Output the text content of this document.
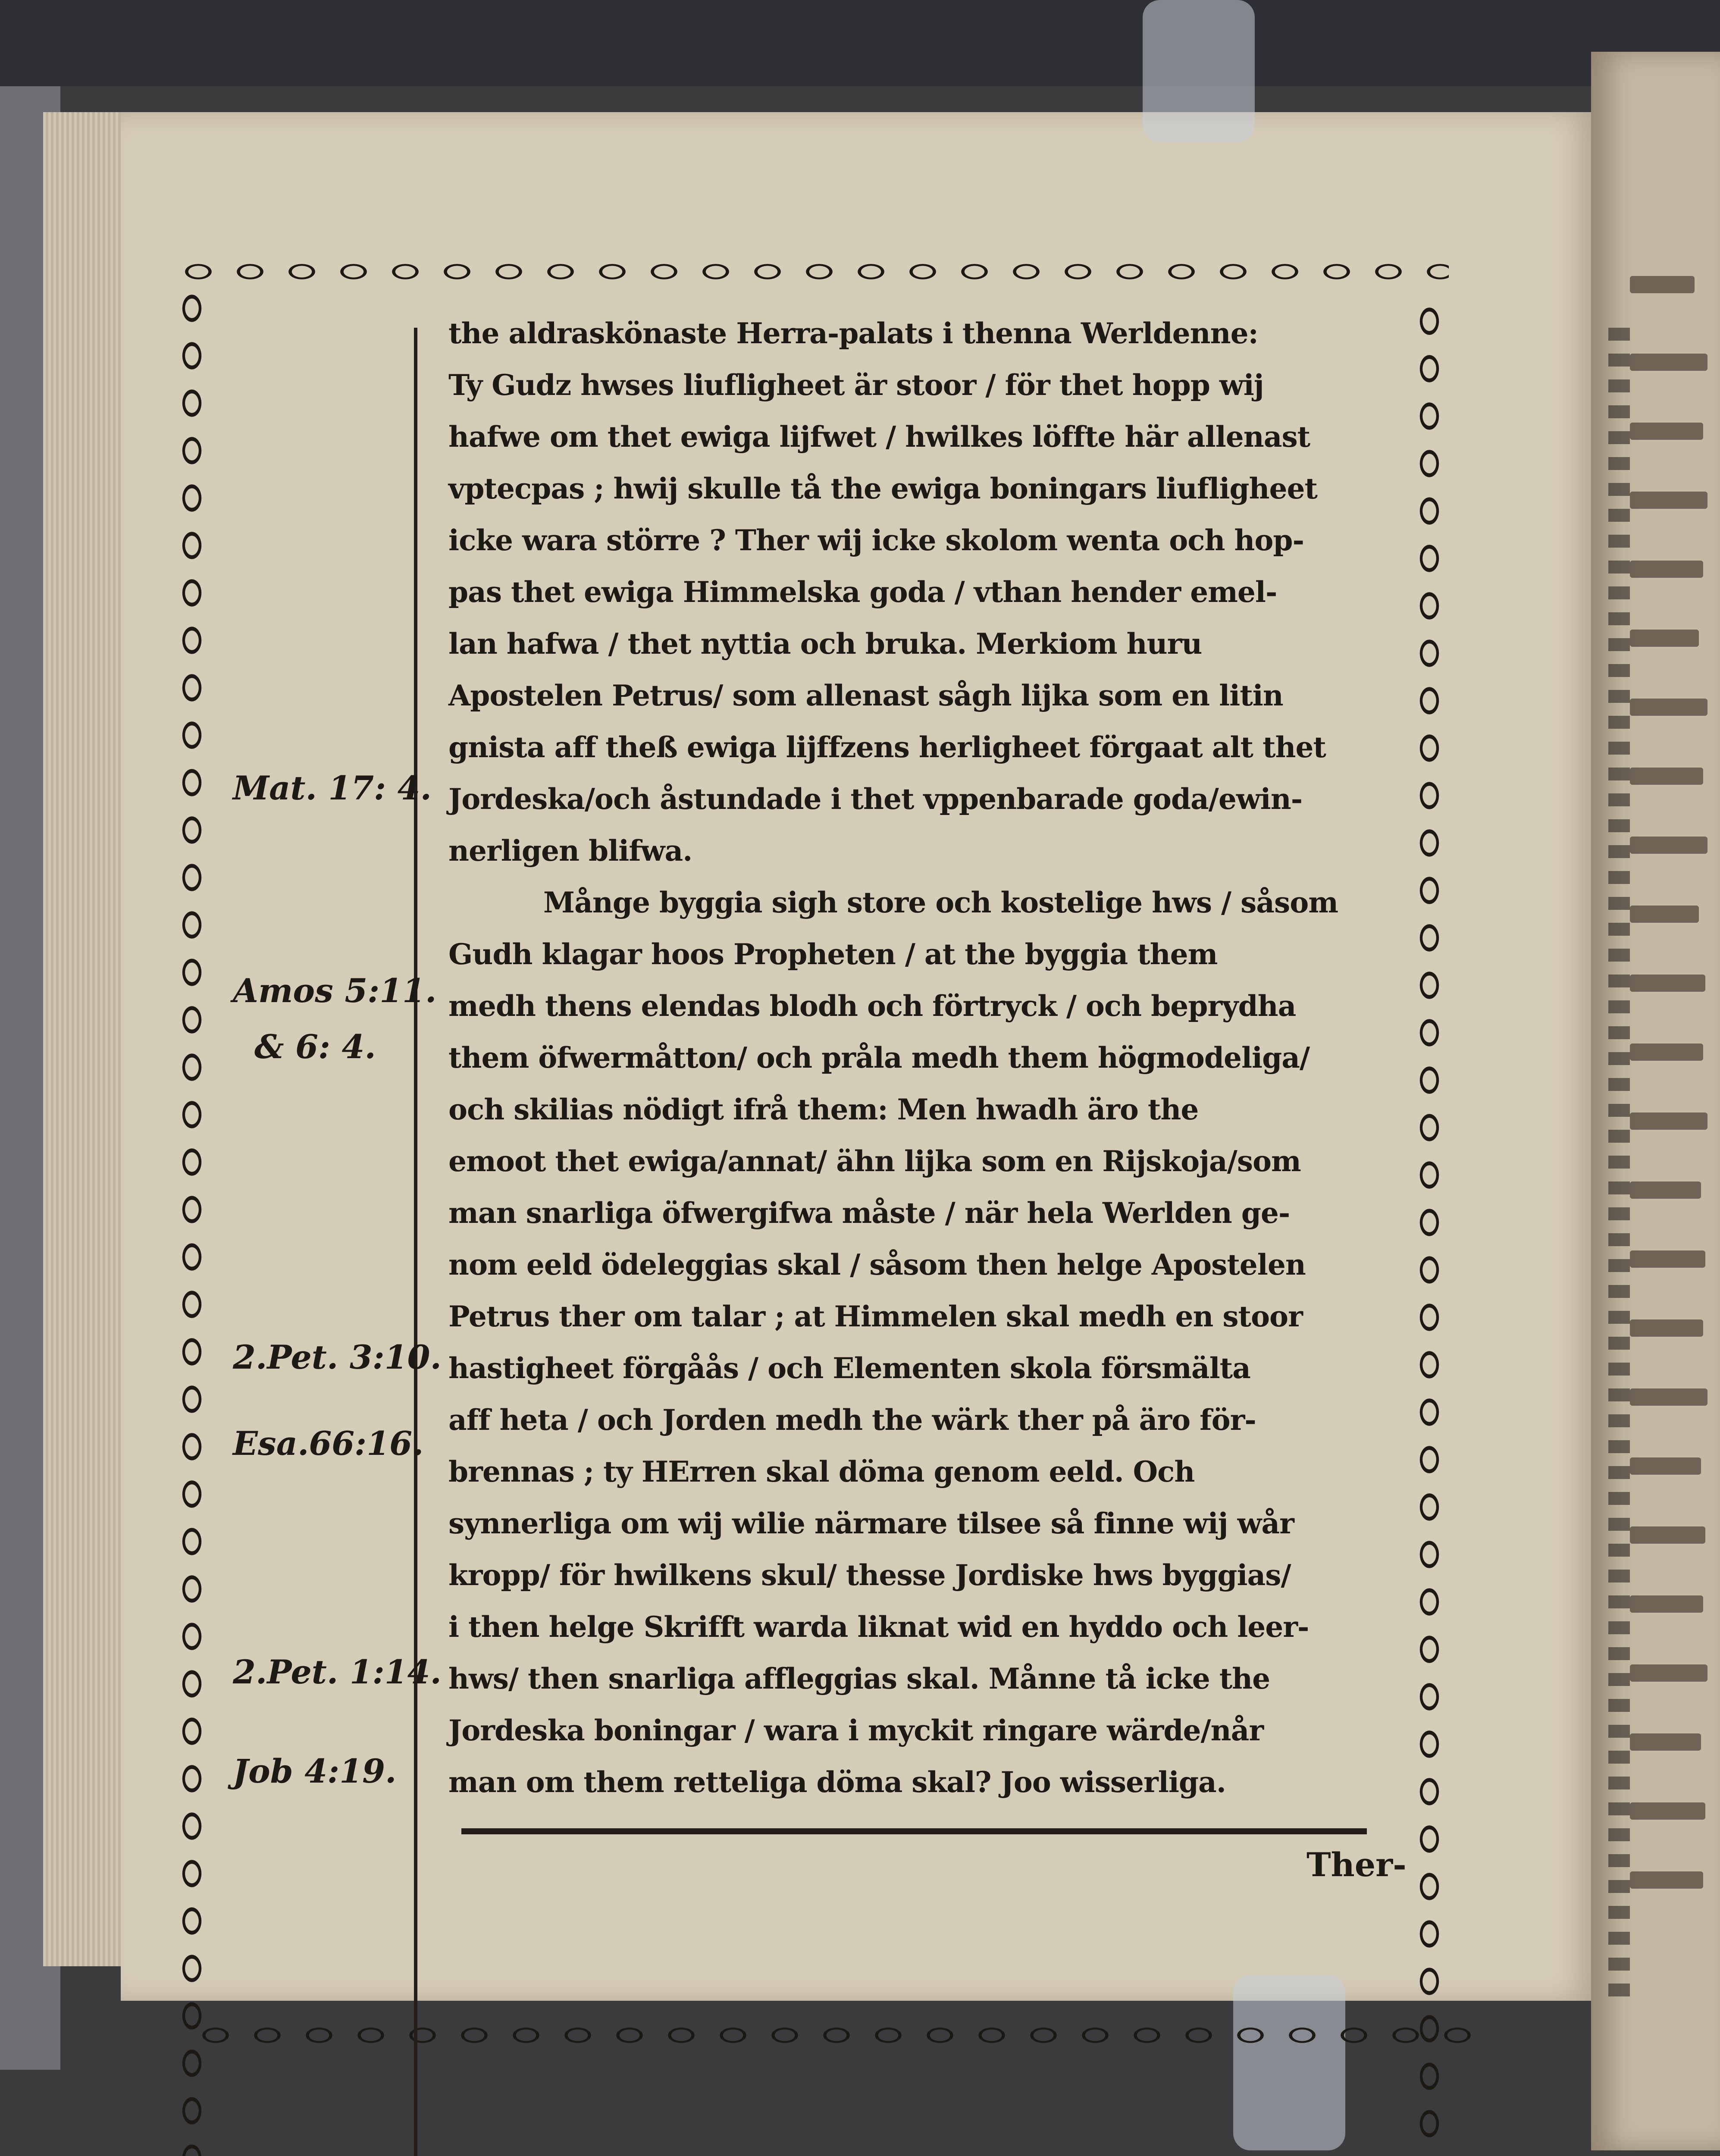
Mat. 17: 4.
Amos 5:11.
& 6: 4.
2.Pet. 3:10.
Esa.66:16.
2.Pet. 1:14.
Job 4:19.
the aldraskönaste Herra-palats i thenna Werldenne:
Ty Gudz hwses liufligheet är stoor / för thet hopp wij
hafwe om thet ewiga lijfwet / hwilkes löffte här allenast
vptecpas ; hwij skulle tå the ewiga boningars liufligheet
icke wara större ? Ther wij icke skolom wenta och hop-
pas thet ewiga Himmelska goda / vthan hender emel-
lan hafwa / thet nyttia och bruka. Merkiom huru
Apostelen Petrus/ som allenast sågh lijka som en litin
gnista aff theß ewiga lijffzens herligheet förgaat alt thet
Jordeska/och åstundade i thet vppenbarade goda/ewin-
nerligen blifwa.
Månge byggia sigh store och kostelige hws / såsom
Gudh klagar hoos Propheten / at the byggia them
medh thens elendas blodh och förtryck / och beprydha
them öfwermåtton/ och pråla medh them högmodeliga/
och skilias nödigt ifrå them: Men hwadh äro the
emoot thet ewiga/annat/ ähn lijka som en Rijskoja/som
man snarliga öfwergifwa måste / när hela Werlden ge-
nom eeld ödeleggias skal / såsom then helge Apostelen
Petrus ther om talar ; at Himmelen skal medh en stoor
hastigheet förgåås / och Elementen skola försmälta
aff heta / och Jorden medh the wärk ther på äro för-
brennas ; ty HErren skal döma genom eeld. Och
synnerliga om wij wilie närmare tilsee så finne wij wår
kropp/ för hwilkens skul/ thesse Jordiske hws byggias/
i then helge Skrifft warda liknat wid en hyddo och leer-
hws/ then snarliga affleggias skal. Månne tå icke the
Jordeska boningar / wara i myckit ringare wärde/når
man om them retteliga döma skal? Joo wisserliga.
Ther-
